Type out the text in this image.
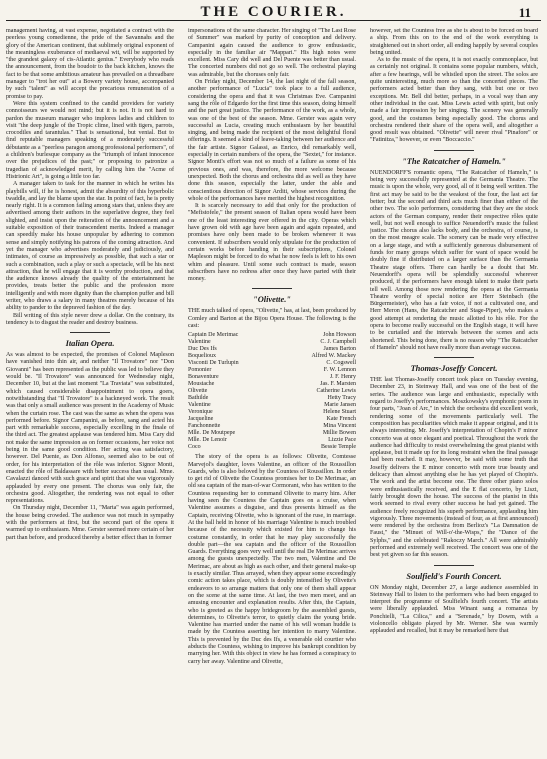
THE COURIER.	11

management having, at vast expense, negotiated a contract with the peerless young comedienne, the pride of the Savannahs and the glory of the American continent, that sublimely original exponent of the meaningless exuberance of mediaeval wit, will be supported by "the grandest galaxy of cis-Atlantic genius." Everybody who reads the announcement, from the boudoir to the back kitchen, knows the fact to be that some ambitious amateur has prevailed on a threadbare manager to "trot her out" at a Bowery variety house, accompanied by such "talent" as will accept the precarious remuneration of a promise to pay.

Were this system confined to the candid providers for variety connoisseurs we would not mind; but it is not. It is not hard to pardon the museum manager who implores ladies and children to visit "the deep jungle of the Tropic clime, lined with tigers, parrots, crocodiles and tarantulas." That is sensational, but venial. But to find reputable managers speaking of a moderately successful débutante as a "peerless paragon among professional performers", of a children's burlesque company as the "triumph of infant innocence over the prejudices of the past;" or proposing to patronize a tragedian of acknowledged merit, by calling him the "Acme of Histrionic Art", is going a little too far.

A manager taken to task for the manner in which he writes his playbills will, if he is honest, admit the absurdity of this hyperbolic twaddle, and lay the blame upon the star. In point of fact, he is pretty nearly right. It is a common failing among stars that, unless they are advertised among their authors in the superlative degree, they feel slighted, and insist upon the reiteration of the announcement and a suitable exposition of their transcendent merits. Indeed a manager can speedily make his house unpopular by adhering to common sense and simply notifying his patrons of the coming attraction. And yet the manager who advertises moderately and judiciously, and intimates, of course as impressively as possible, that such a star or such a combination, such a play or such a spectacle, will be his next attraction, that he will engage that it is worthy production, and that the audience knows already the quality of the entertainment he provides, treats better the public and the profession more intelligently and with more dignity than the champion puffer and bill writer, who draws a salary in many theatres merely because of his ability to pander to the depraved fashion of the day.

Bill writing of this style never drew a dollar. On the contrary, its tendency is to disgust the reader and destroy business.

Italian Opera.

As was almost to be expected, the promises of Colonel Mapleson have vanished into thin air, and neither "Il Trovatore" nor "Don Giovanni" has been represented as the public was led to believe they would be. "Il Trovatore" was announced for Wednesday night, December 10, but at the last moment "La Traviata" was substituted, which caused considerable disappointment to opera goers, notwithstanding that "Il Trovatore" is a hackneyed work. The result was that only a small audience was present in the Academy of Music when the curtain rose. The cast was the same as when the opera was performed before. Signor Campanini, as before, sang and acted his part with remarkable success, especially excelling in the finale of the third act. The greatest applause was tendered him. Miss Cary did not make the same impression as on former occasions, her voice not being in the same good condition. Her acting was satisfactory, however. Del Puente, as Don Alfonso, seemed also to be out of order, for his interpretation of the rôle was inferior. Signor Monti, enacted the rôle of Baldassare with better success than usual. Mme. Cavalazzi danced with such grace and spirit that she was vigorously applauded by every one present. The chorus was only fair, the orchestra good. Altogether, the rendering was not equal to other representations.

On Thursday night, December 11, "Marta" was again performed, the house being crowded. The audience was not much in sympathy with the performers at first, but the second part of the opera it warmed up to enthusiasm. Mme. Gerster seemed more certain of her part than before, and produced thereby a better effect than in former

impersonations of the same character. Her singing of "The Last Rose of Summer" was marked by purity of conception and delivery. Campanini again caused the audience to grow enthusiastic, especially in the familiar air "Mappari." His high notes were excellent. Miss Cary did well and Del Puente was better than usual. The concerted numbers did not go so well. The orchestral playing was admirable, but the choruses only fair.

On Friday night, December 14, the last night of the fall season, another performance of "Lucia" took place to a full audience, considering the opera and that it was Christmas Eve. Campanini sang the rôle of Edgardo for the first time this season, doing himself and the part great justice. The performance of the work, as a whole, was one of the best of the season. Mme. Gerster was again very successful as Lucia, creating much enthusiasm by her beautiful singing, and being made the recipient of the most delightful floral offerings. It seemed a kind of leave-taking between her audience and the fair artiste. Signor Galassi, as Enrico, did remarkably well, especially in certain numbers of the opera, the "Sextet," for instance. Signor Monti's effort was not so much of a failure as some of his previous ones, and was, therefore, the more welcome because unexpected. Both the chorus and orchestra did as well as they have done this season, especially the latter, under the able and conscientious direction of Signor Arditi, whose services during the whole of the performances have merited the highest recognition.

It is scarcely necessary to add that only for the production of "Mefistofele," the present season of Italian opera would have been one of the least interesting ever offered in the city. Operas which have grown old with age have been again and again repeated, and promises have only been made to be broken whenever it was convenient. If subscribers would only stipulate for the production of certain works before handing in their subscriptions, Colonel Mapleson might be forced to do what he now feels is left to his own whim and pleasure. Until some such contract is made, season subscribers have no redress after once they have parted with their money.

"Olivette."

THE much talked of opera, "Olivette," has, at last, been produced by Comley and Barton at the Bijou Opera House. The following is the cast:

Captain De Merimac	John Howson
Valentine	C. J. Campbell
Duc Des Ifs	James Barton
Boquelioux	Alfred W. Mackey
Visconti De Turlupin	C. Cogswell
Pomonier	F. W. Lennon
Bonaventure	J. F. Henry
Moustache	Jas. F. Marsten
Olivette	Catherine Lewis
Bathilde	Hetty Tracy
Valentine	Marie Jansen
Veronique	Helene Stuart
Jacqueline	Kate French
Fanchonnette	Mina Vincent
Mlle. De Moutpepe	Millie Bowen
Mlle. De Lenoir	Lizzie Pace
Coco	Bessie Temple

The story of the opera is as follows: Olivette, Comtesse Marvejol's daughter, loves Valentine, an officer of the Roussillon Guards, who is also beloved by the Countess of Roussillon. In order to get rid of Olivette the Countess promises her to De Merimac, an old sea captain of the man-of-war Cormorant, who has written to the Countess requesting her to command Olivette to marry him. After having seen the Countess the Captain goes on a cruise, when Valentine assumes a disguise, and thus presents himself as the Captain, receiving Olivette, who is ignorant of the ruse, in marriage. At the ball held in honor of his marriage Valentine is much troubled because of the necessity which existed for him to change his costume constantly, in order that he may play successfully the double part—the sea captain and the officer of the Roussillon Guards. Everything goes very well until the real De Merimac arrives among the guests unexpectedly. The two men, Valentine and De Merimac, are about as high as each other, and their general make-up is exactly similar. Thus arrayed, when they appear some exceedingly comic action takes place, which is doubly intensified by Olivette's endeavors to so arrange matters that only one of them shall appear on the scene at the same time. At last, the two men meet, and an amusing encounter and explanation results. After this, the Captain, who is greeted as the happy bridegroom by the assembled guests, determines, to Olivette's terror, to quietly claim the young bride. Valentine has married under the name of his will woman huddle is made by the Countess asserting her intention to marry Valentine. This is prevented by the Duc des Ifs, a venerable old courtier who abducts the Countess, wishing to improve his bankrupt condition by marrying her. With this object in view he has formed a conspiracy to carry her away. Valentine and Olivette,

however, set the Countess free as she is about to be forced on board a ship. From this on to the end of the work everything is straightened out in short order, all ending happily by several couples being united.

As to the music of the opera, it is not exactly commonplace, but as certainly not original. It contains some popular numbers, which, after a few hearings, will be whistled upon the street. The solos are quite uninteresting, much more so than the concerted pieces. The performers acted better than they sang, with but one or two exceptions. Mr. Bell did better, perhaps, in a vocal way than any other individual in the cast. Miss Lewis acted with spirit, but only made a fair impression by her singing. The scenery was generally good, and the costumes being especially good. The chorus and orchestra rendered their share of the opera well, and altogether a good result was obtained. "Olivette" will never rival "Pinafore" or "Fatinitza," however, or even "Boccaccio."

"The Ratcatcher of Hameln."

NUENDORFF'S romantic opera, "The Ratcatcher of Hameln," is being very successfully represented at the Germania Theatre. The music is upon the whole, very good, all of it being well written. The first act may be said to be the weakest of the four, the last act far better; but the second and third acts much finer than either of the other two. The solo performers, considering that they are the stock actors of the German company, render their respective rôles quite well, but not well enough to suffice Neuendorff's music the fullest justice. The chorus also lacks body, and the orchestra, of course, is on the most meagre scale. The scenery can be made very effective on a large stage, and with a sufficiently generous disbursement of funds for many groups which suffer for want of space would be doubly fine if distributed on a larger surface than the Germania Theatre stage offers. There can hardly be a doubt that Mr. Neuendorff's opera will be splendidly successful wherever produced, if the performers have enough talent to make their parts tell well. Among those now rendering the opera at the Germania Theatre worthy of special notice are Herr Steinbach (the Bürgermeister), who has a fair voice, if not a cultivated one, and Herr Meron (Hans, the Ratcatcher and Stage-Piper), who makes a good attempt at rendering the music allotted to his rôle. For the opera to become really successful on the English stage, it will have to be curtailed and the intervals between the scenes and acts shortened. This being done, there is no reason why "The Ratcatcher of Hameln" should not have really more than average success.

Thomas-Joseffy Concert.

THE last Thomas-Joseffy concert took place on Tuesday evening, December 23, in Steinway Hall, and was one of the best of the series. The audience was large and enthusiastic, especially with regard to Joseffy's performances. Moszkowsky's symphonic poem in four parts, "Joan of Arc," in which the orchestra did excellent work, rendering some of the movements particularly well. The composition has peculiarities which make it appear original, and it is always interesting. Mr. Joseffy's interpretation of Chopin's F minor concerto was at once elegant and poetical. Throughout the work the audience had difficulty to resist overwhelming the great pianist with applause, but it made up for its long restraint when the final passage had been reached. It may, however, be said with some truth that Joseffy delivers the E minor concerto with more true beauty and delicacy than almost anything else he has yet played of Chopin's. The work and the artist become one. The three other piano solos were enthusiastically received, and the E flat concerto, by Liszt, fairly brought down the house. The success of the pianist in this work seemed to rival every other success he had yet gained. The audience freely recognized his superb performance, applauding him vigorously. Three movements (instead of four, as at first announced) were rendered by the orchestra from Berlioz's "La Damnation de Faust," the "Minuet of Will-o'-the-Wisps," the "Dance of the Sylphs," and the celebrated "Rakoczy March." All were admirably performed and extremely well received. The concert was one of the best yet given so far this season.

Soulfield's Fourth Concert.

ON Monday night, December 27, a large audience assembled in Steinway Hall to listen to the performers who had been engaged to interpret the programme of Soulfield's fourth concert. The artists were liberally applauded. Miss Winant sang a romanza by Ponchielli, "La Cilica," and a "Serenade," by Dowm, with a violoncello obligato played by Mr. Werner. She was warmly applauded and recalled, but it may be remarked here that
